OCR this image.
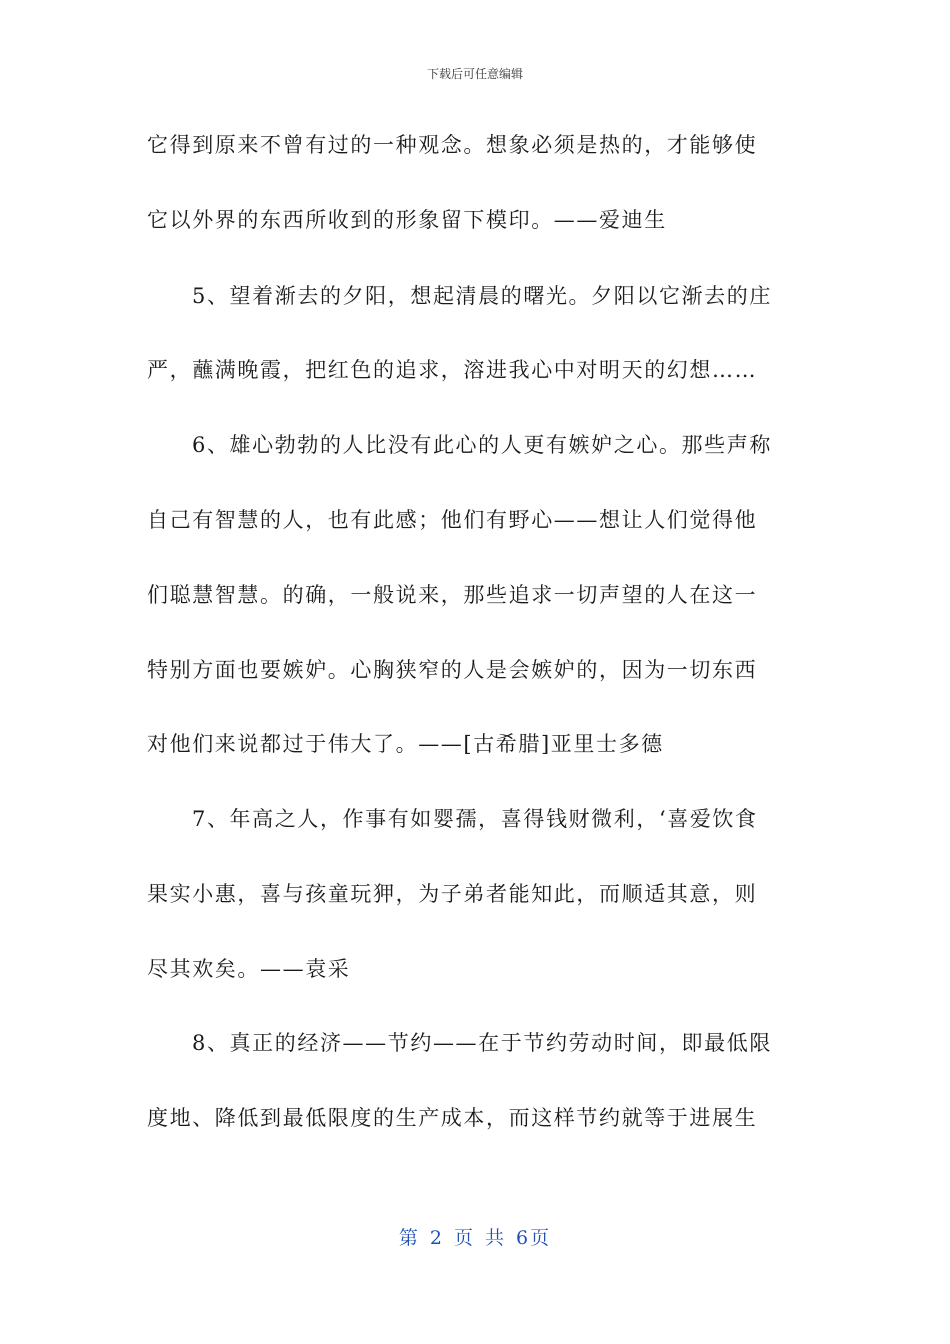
下载后可任意编辑
它得到原来不曾有过的一种观念。想象必须是热的，才能够使
它以外界的东西所收到的形象留下模印。——爱迪生
5、望着渐去的夕阳，想起清晨的曙光。夕阳以它渐去的庄
严，蘸满晚霞，把红色的追求，溶进我心中对明天的幻想……
6、雄心勃勃的人比没有此心的人更有嫉妒之心。那些声称
自己有智慧的人，也有此感；他们有野心——想让人们觉得他
们聪慧智慧。的确，一般说来，那些追求一切声望的人在这一
特别方面也要嫉妒。心胸狭窄的人是会嫉妒的，因为一切东西
对他们来说都过于伟大了。——[古希腊]亚里士多德
7、年高之人，作事有如婴孺，喜得钱财微利，‘喜爱饮食
果实小惠，喜与孩童玩狎，为子弟者能知此，而顺适其意，则
尽其欢矣。——袁采
8、真正的经济——节约——在于节约劳动时间，即最低限
度地、降低到最低限度的生产成本，而这样节约就等于进展生
第 2 页 共 6页
